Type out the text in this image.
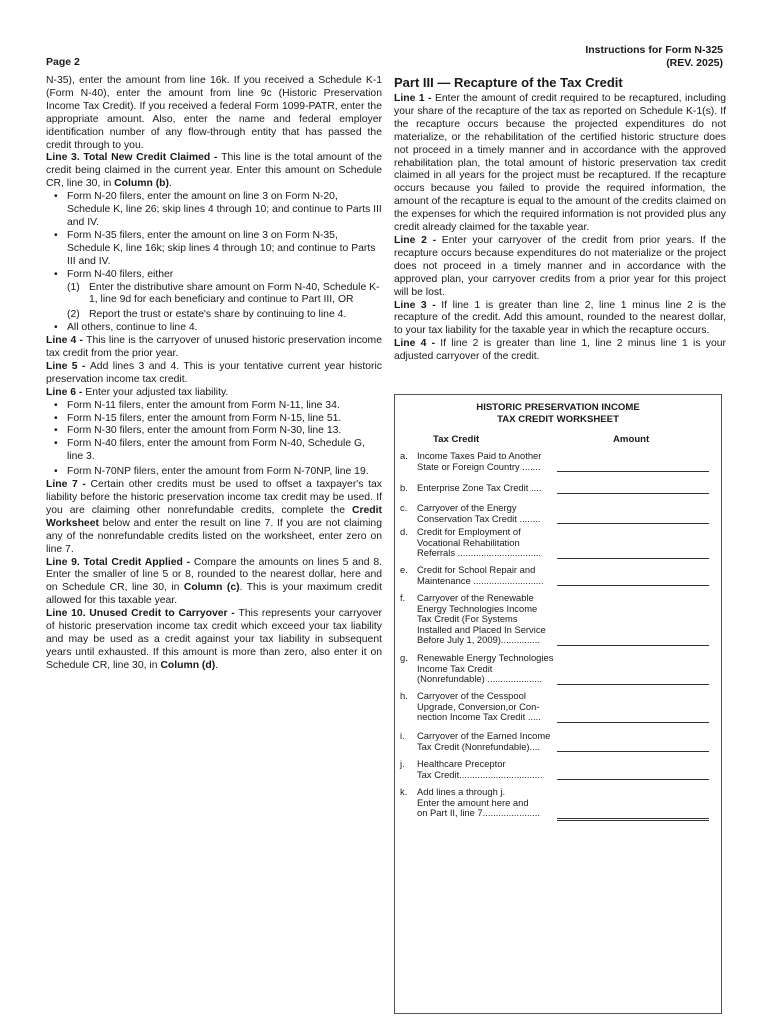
Page 2
Instructions for Form N-325
(REV. 2025)

N-35), enter the amount from line 16k. If you received a Schedule K-1 (Form N-40), enter the amount from line 9c (Historic Preservation Income Tax Credit). If you received a federal Form 1099-PATR, enter the appropriate amount. Also, enter the name and federal employer identification number of any flow-through entity that has passed the credit through to you.

Line 3. Total New Credit Claimed - This line is the total amount of the credit being claimed in the current year. Enter this amount on Schedule CR, line 30, in Column (b).

• Form N-20 filers, enter the amount on line 3 on Form N-20, Schedule K, line 26; skip lines 4 through 10; and continue to Parts III and IV.
• Form N-35 filers, enter the amount on line 3 on Form N-35, Schedule K, line 16k; skip lines 4 through 10; and continue to Parts III and IV.
• Form N-40 filers, either
(1) Enter the distributive share amount on Form N-40, Schedule K-1, line 9d for each beneficiary and continue to Part III, OR
(2) Report the trust or estate's share by continuing to line 4.
• All others, continue to line 4.

Line 4 - This line is the carryover of unused historic preservation income tax credit from the prior year.

Line 5 - Add lines 3 and 4. This is your tentative current year historic preservation income tax credit.

Line 6 - Enter your adjusted tax liability.

• Form N-11 filers, enter the amount from Form N-11, line 34.
• Form N-15 filers, enter the amount from Form N-15, line 51.
• Form N-30 filers, enter the amount from Form N-30, line 13.
• Form N-40 filers, enter the amount from Form N-40, Schedule G, line 3.
• Form N-70NP filers, enter the amount from Form N-70NP, line 19.

Line 7 - Certain other credits must be used to offset a taxpayer's tax liability before the historic preservation income tax credit may be used. If you are claiming other nonrefundable credits, complete the Credit Worksheet below and enter the result on line 7. If you are not claiming any of the nonrefundable credits listed on the worksheet, enter zero on line 7.

Line 9. Total Credit Applied - Compare the amounts on lines 5 and 8. Enter the smaller of line 5 or 8, rounded to the nearest dollar, here and on Schedule CR, line 30, in Column (c). This is your maximum credit allowed for this taxable year.

Line 10. Unused Credit to Carryover - This represents your carryover of historic preservation income tax credit which exceed your tax liability and may be used as a credit against your tax liability in subsequent years until exhausted. If this amount is more than zero, also enter it on Schedule CR, line 30, in Column (d).

Part III — Recapture of the Tax Credit

Line 1 - Enter the amount of credit required to be recaptured, including your share of the recapture of the tax as reported on Schedule K-1(s). If the recapture occurs because the projected expenditures do not materialize, or the rehabilitation of the certified historic structure does not proceed in a timely manner and in accordance with the approved rehabilitation plan, the total amount of historic preservation tax credit claimed in all years for the project must be recaptured. If the recapture occurs because you failed to provide the required information, the amount of the recapture is equal to the amount of the credits claimed on the expenses for which the required information is not provided plus any credit already claimed for the taxable year.

Line 2 - Enter your carryover of the credit from prior years. If the recapture occurs because expenditures do not materialize or the project does not proceed in a timely manner and in accordance with the approved plan, your carryover credits from a prior year for this project will be lost.

Line 3 - If line 1 is greater than line 2, line 1 minus line 2 is the recapture of the credit. Add this amount, rounded to the nearest dollar, to your tax liability for the taxable year in which the recapture occurs.

Line 4 - If line 2 is greater than line 1, line 2 minus line 1 is your adjusted carryover of the credit.

HISTORIC PRESERVATION INCOME
TAX CREDIT WORKSHEET
Tax Credit	Amount
a. Income Taxes Paid to Another
State or Foreign Country .......
b. Enterprise Zone Tax Credit ....
c. Carryover of the Energy
Conservation Tax Credit ........
d. Credit for Employment of
Vocational Rehabilitation
Referrals ................................
e. Credit for School Repair and
Maintenance ...........................
f. Carryover of the Renewable
Energy Technologies Income
Tax Credit (For Systems
Installed and Placed In Service
Before July 1, 2009)...............
g. Renewable Energy Technologies
Income Tax Credit
(Nonrefundable) .....................
h. Carryover of the Cesspool
Upgrade, Conversion,or Con-
nection Income Tax Credit .....
i. Carryover of the Earned Income
Tax Credit (Nonrefundable)....
j. Healthcare Preceptor
Tax Credit................................
k. Add lines a through j.
Enter the amount here and
on Part II, line 7......................
